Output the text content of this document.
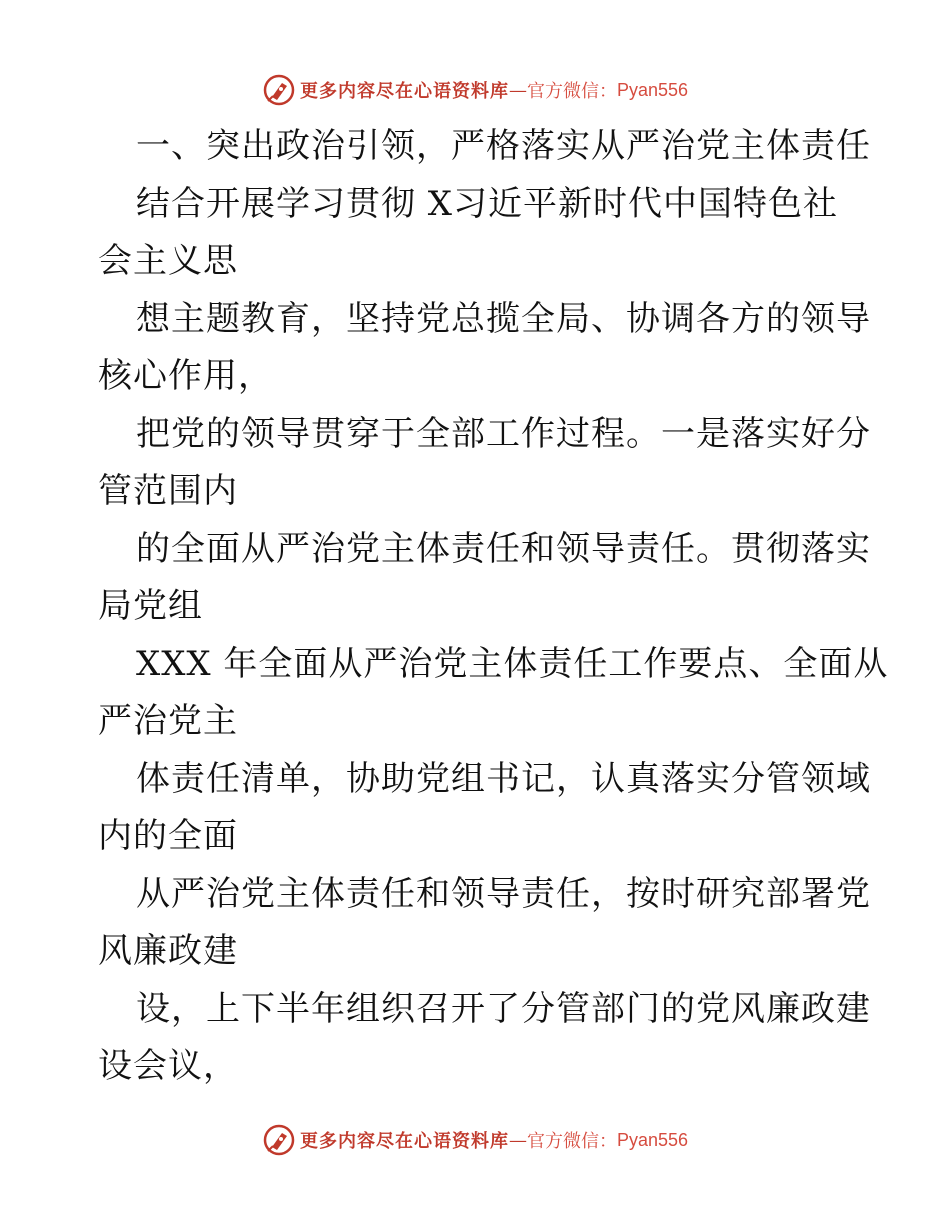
更多内容尽在心语资料库 — 官方微信： Pyan556
一、突出政治引领，严格落实从严治党主体责任
结合开展学习贯彻 X习近平新时代中国特色社
会主义思
想主题教育，坚持党总揽全局、协调各方的领导
核心作用，
把党的领导贯穿于全部工作过程。一是落实好分
管范围内
的全面从严治党主体责任和领导责任。贯彻落实
局党组
XXX 年全面从严治党主体责任工作要点、全面从
严治党主
体责任清单，协助党组书记，认真落实分管领域
内的全面
从严治党主体责任和领导责任，按时研究部署党
风廉政建
设，上下半年组织召开了分管部门的党风廉政建
设会议，
更多内容尽在心语资料库 — 官方微信： Pyan556
